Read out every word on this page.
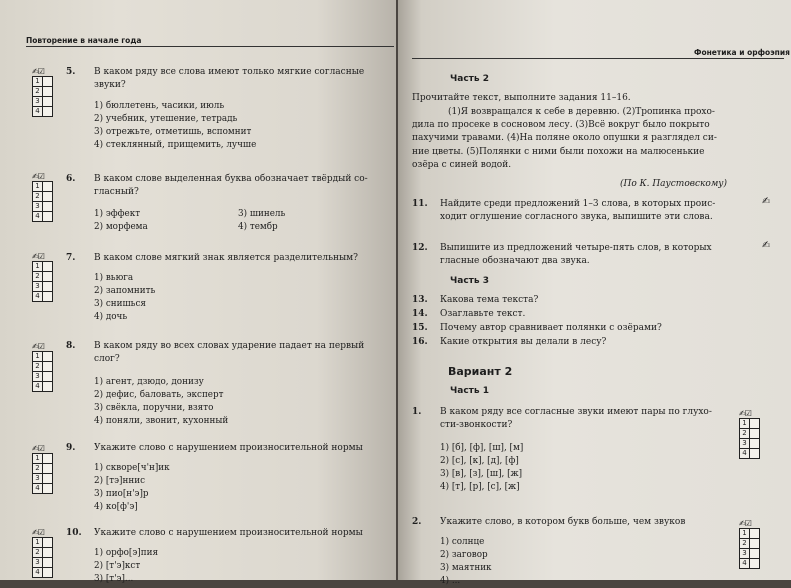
Повторение в начале года
✍☑
1
2
3
4
5. В каком ряду все слова имеют только мягкие согласные
звуки?
1) бюллетень, часики, июль
2) учебник, утешение, тетрадь
3) отрежьте, отметишь, вспомнит
4) стеклянный, прищемить, лучше
✍☑
1
2
3
4
6. В каком слове выделенная буква обозначает твёрдый со-
гласный?
1) эффект	3) шинель
2) морфема	4) тембр
✍☑
1
2
3
4
7. В каком слове мягкий знак является разделительным?
1) вьюга
2) запомнить
3) снишься
4) дочь
✍☑
1
2
3
4
8. В каком ряду во всех словах ударение падает на первый
слог?
1) агент, дзюдо, донизу
2) дефис, баловать, эксперт
3) свёкла, поручни, взято
4) поняли, звонит, кухонный
✍☑
1
2
3
4
9. Укажите слово с нарушением произносительной нормы
1) скворе[ч'н]ик
2) [тэ]ннис
3) пио[н'э]р
4) ко[ф'э]
✍☑
1
2
3
4
10. Укажите слово с нарушением произносительной нормы
1) орфо[э]пия
2) [т'э]кст
3) [т'э]...
Фонетика и орфоэпия
Часть 2
Прочитайте текст, выполните задания 11–16.
(1)Я возвращался к себе в деревню. (2)Тропинка прохо-
дила по просеке в сосновом лесу. (3)Всё вокруг было покрыто
пахучими травами. (4)На поляне около опушки я разглядел си-
ние цветы. (5)Полянки с ними были похожи на малюсенькие
озёра с синей водой.
(По К. Паустовскому)
11. Найдите среди предложений 1–3 слова, в которых проис-
ходит оглушение согласного звука, выпишите эти слова.
✍
12. Выпишите из предложений четыре-пять слов, в которых
гласные обозначают два звука.
✍
Часть 3
13. Какова тема текста?
14. Озаглавьте текст.
15. Почему автор сравнивает полянки с озёрами?
16. Какие открытия вы делали в лесу?
Вариант 2
Часть 1
1. В каком ряду все согласные звуки имеют пары по глухо-
сти-звонкости?
1) [б], [ф], [ш], [м]
2) [с], [к], [д], [ф]
3) [в], [з], [ш], [ж]
4) [т], [р], [с], [ж]
✍☑
1
2
3
4
2. Укажите слово, в котором букв больше, чем звуков
1) солнце
2) заговор
3) маятник
4) ...
✍☑
1
2
3
4
